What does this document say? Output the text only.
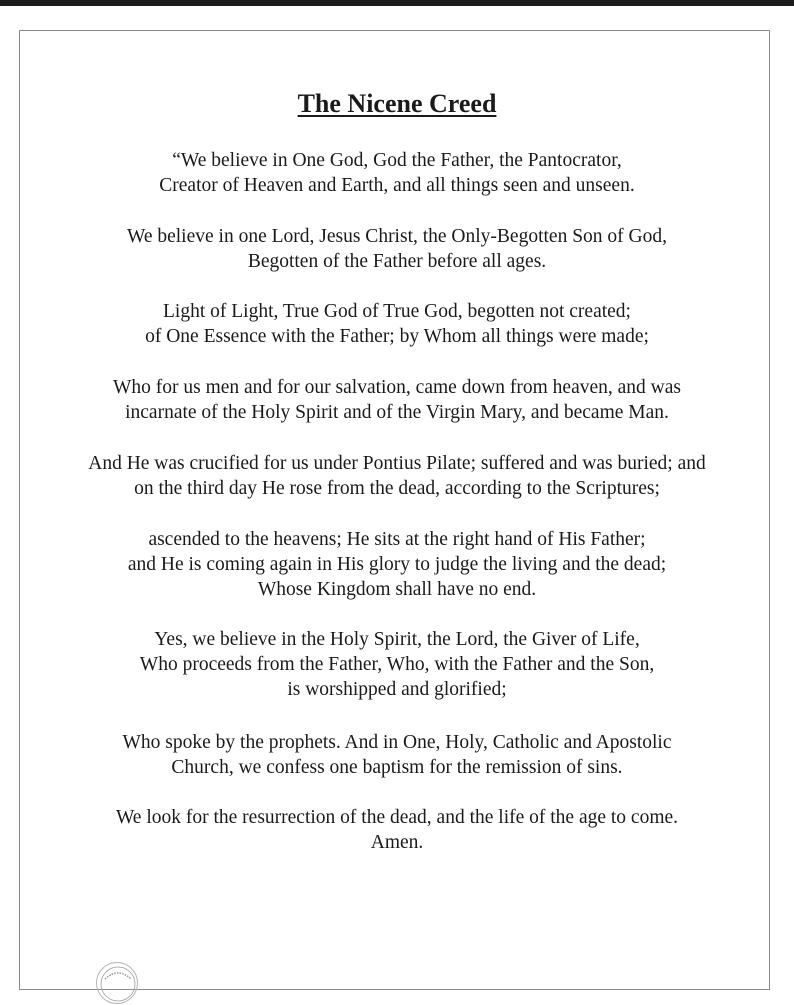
The Nicene Creed
“We believe in One God, God the Father, the Pantocrator,
Creator of Heaven and Earth, and all things seen and unseen.
We believe in one Lord, Jesus Christ, the Only-Begotten Son of God,
Begotten of the Father before all ages.
Light of Light, True God of True God, begotten not created;
of One Essence with the Father; by Whom all things were made;
Who for us men and for our salvation, came down from heaven, and was
incarnate of the Holy Spirit and of the Virgin Mary, and became Man.
And He was crucified for us under Pontius Pilate; suffered and was buried; and
on the third day He rose from the dead, according to the Scriptures;
ascended to the heavens; He sits at the right hand of His Father;
and He is coming again in His glory to judge the living and the dead;
Whose Kingdom shall have no end.
Yes, we believe in the Holy Spirit, the Lord, the Giver of Life,
Who proceeds from the Father, Who, with the Father and the Son,
is worshipped and glorified;
Who spoke by the prophets. And in One, Holy, Catholic and Apostolic
Church, we confess one baptism for the remission of sins.
We look for the resurrection of the dead, and the life of the age to come.
Amen.
